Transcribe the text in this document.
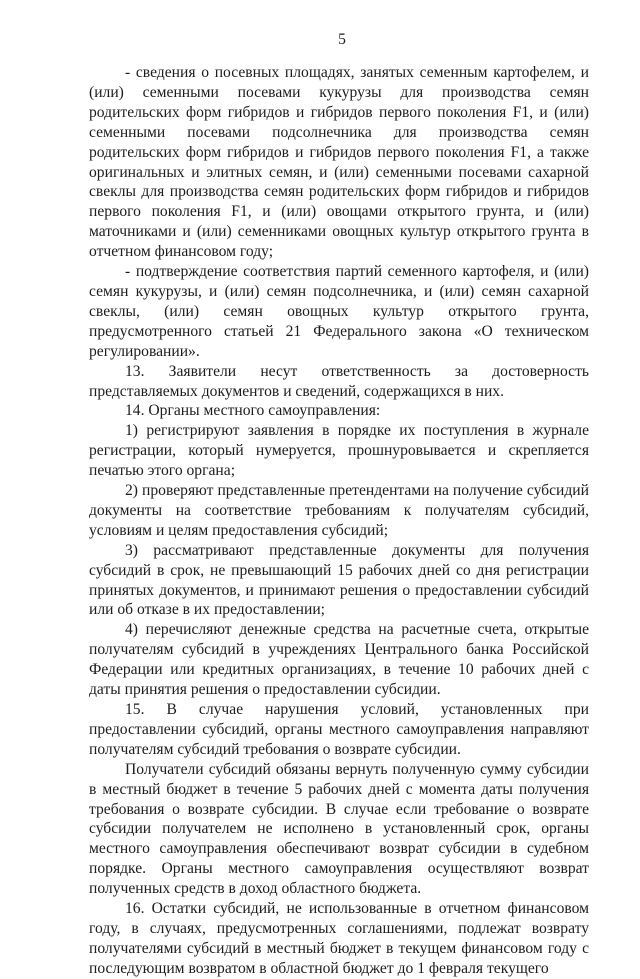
5

- сведения о посевных площадях, занятых семенным картофелем, и (или) семенными посевами кукурузы для производства семян родительских форм гибридов и гибридов первого поколения F1, и (или) семенными посевами подсолнечника для производства семян родительских форм гибридов и гибридов первого поколения F1, а также оригинальных и элитных семян, и (или) семенными посевами сахарной свеклы для производства семян родительских форм гибридов и гибридов первого поколения F1, и (или) овощами открытого грунта, и (или) маточниками и (или) семенниками овощных культур открытого грунта в отчетном финансовом году;

- подтверждение соответствия партий семенного картофеля, и (или) семян кукурузы, и (или) семян подсолнечника, и (или) семян сахарной свеклы, (или) семян овощных культур открытого грунта, предусмотренного статьей 21 Федерального закона «О техническом регулировании».

13. Заявители несут ответственность за достоверность представляемых документов и сведений, содержащихся в них.

14. Органы местного самоуправления:

1) регистрируют заявления в порядке их поступления в журнале регистрации, который нумеруется, прошнуровывается и скрепляется печатью этого органа;

2) проверяют представленные претендентами на получение субсидий документы на соответствие требованиям к получателям субсидий, условиям и целям предоставления субсидий;

3) рассматривают представленные документы для получения субсидий в срок, не превышающий 15 рабочих дней со дня регистрации принятых документов, и принимают решения о предоставлении субсидий или об отказе в их предоставлении;

4) перечисляют денежные средства на расчетные счета, открытые получателям субсидий в учреждениях Центрального банка Российской Федерации или кредитных организациях, в течение 10 рабочих дней с даты принятия решения о предоставлении субсидии.

15. В случае нарушения условий, установленных при предоставлении субсидий, органы местного самоуправления направляют получателям субсидий требования о возврате субсидии.

Получатели субсидий обязаны вернуть полученную сумму субсидии в местный бюджет в течение 5 рабочих дней с момента даты получения требования о возврате субсидии. В случае если требование о возврате субсидии получателем не исполнено в установленный срок, органы местного самоуправления обеспечивают возврат субсидии в судебном порядке. Органы местного самоуправления осуществляют возврат полученных средств в доход областного бюджета.

16. Остатки субсидий, не использованные в отчетном финансовом году, в случаях, предусмотренных соглашениями, подлежат возврату получателями субсидий в местный бюджет в текущем финансовом году с последующим возвратом в областной бюджет до 1 февраля текущего
